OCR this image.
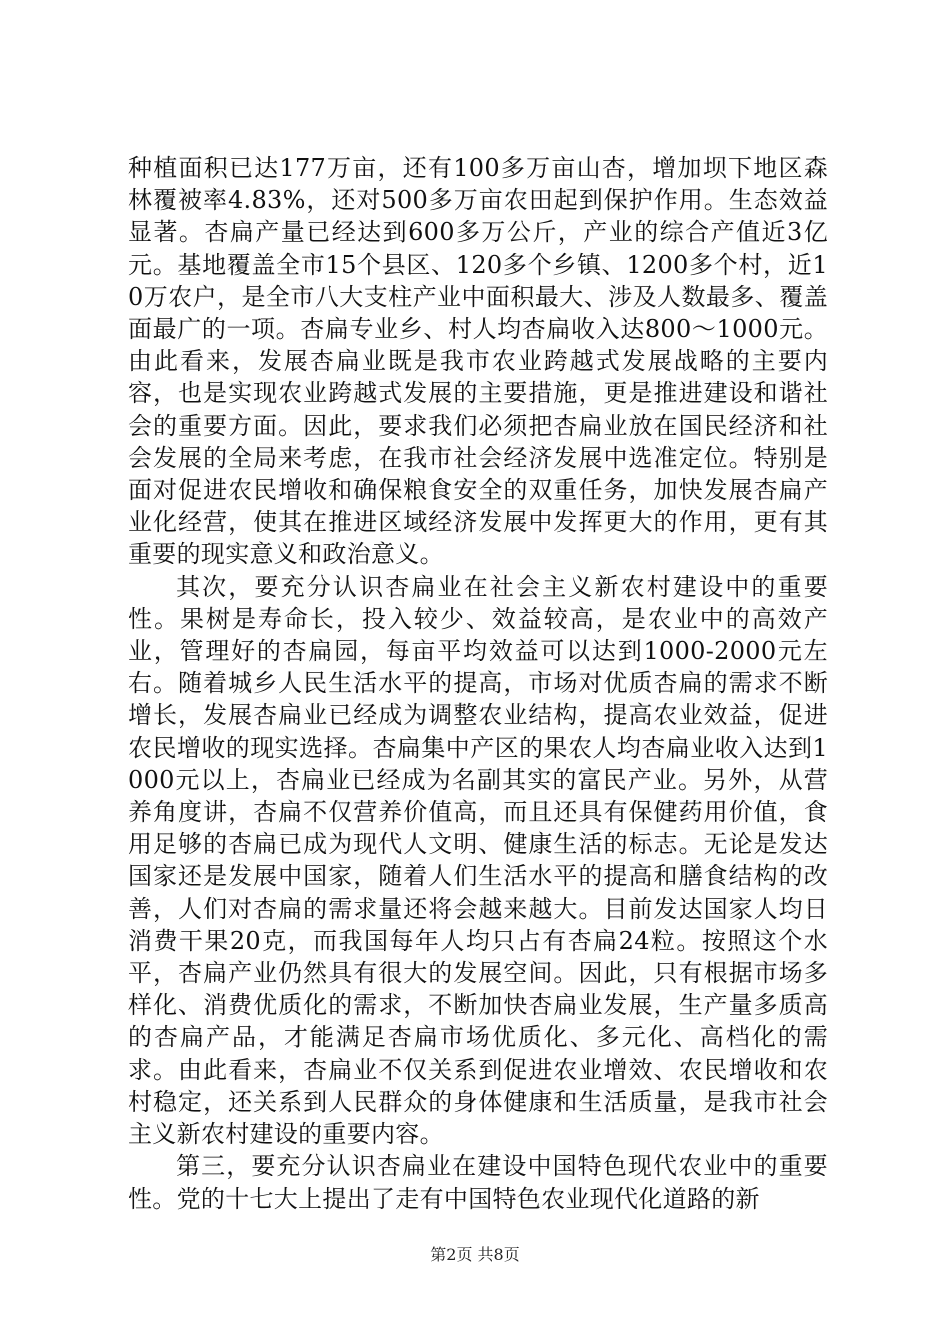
种植面积已达177万亩，还有100多万亩山杏，增加坝下地区森林覆被率4.83%，还对500多万亩农田起到保护作用。生态效益显著。杏扁产量已经达到600多万公斤，产业的综合产值近3亿元。基地覆盖全市15个县区、120多个乡镇、1200多个村，近10万农户，是全市八大支柱产业中面积最大、涉及人数最多、覆盖面最广的一项。杏扁专业乡、村人均杏扁收入达800～1000元。由此看来，发展杏扁业既是我市农业跨越式发展战略的主要内容，也是实现农业跨越式发展的主要措施，更是推进建设和谐社会的重要方面。因此，要求我们必须把杏扁业放在国民经济和社会发展的全局来考虑，在我市社会经济发展中选准定位。特别是面对促进农民增收和确保粮食安全的双重任务，加快发展杏扁产业化经营，使其在推进区域经济发展中发挥更大的作用，更有其重要的现实意义和政治意义。

其次，要充分认识杏扁业在社会主义新农村建设中的重要性。果树是寿命长，投入较少、效益较高，是农业中的高效产业，管理好的杏扁园，每亩平均效益可以达到1000-2000元左右。随着城乡人民生活水平的提高，市场对优质杏扁的需求不断增长，发展杏扁业已经成为调整农业结构，提高农业效益，促进农民增收的现实选择。杏扁集中产区的果农人均杏扁业收入达到1000元以上，杏扁业已经成为名副其实的富民产业。另外，从营养角度讲，杏扁不仅营养价值高，而且还具有保健药用价值，食用足够的杏扁已成为现代人文明、健康生活的标志。无论是发达国家还是发展中国家，随着人们生活水平的提高和膳食结构的改善，人们对杏扁的需求量还将会越来越大。目前发达国家人均日消费干果20克，而我国每年人均只占有杏扁24粒。按照这个水平，杏扁产业仍然具有很大的发展空间。因此，只有根据市场多样化、消费优质化的需求，不断加快杏扁业发展，生产量多质高的杏扁产品，才能满足杏扁市场优质化、多元化、高档化的需求。由此看来，杏扁业不仅关系到促进农业增效、农民增收和农村稳定，还关系到人民群众的身体健康和生活质量，是我市社会主义新农村建设的重要内容。

第三，要充分认识杏扁业在建设中国特色现代农业中的重要性。党的十七大上提出了走有中国特色农业现代化道路的新

第2页 共8页
